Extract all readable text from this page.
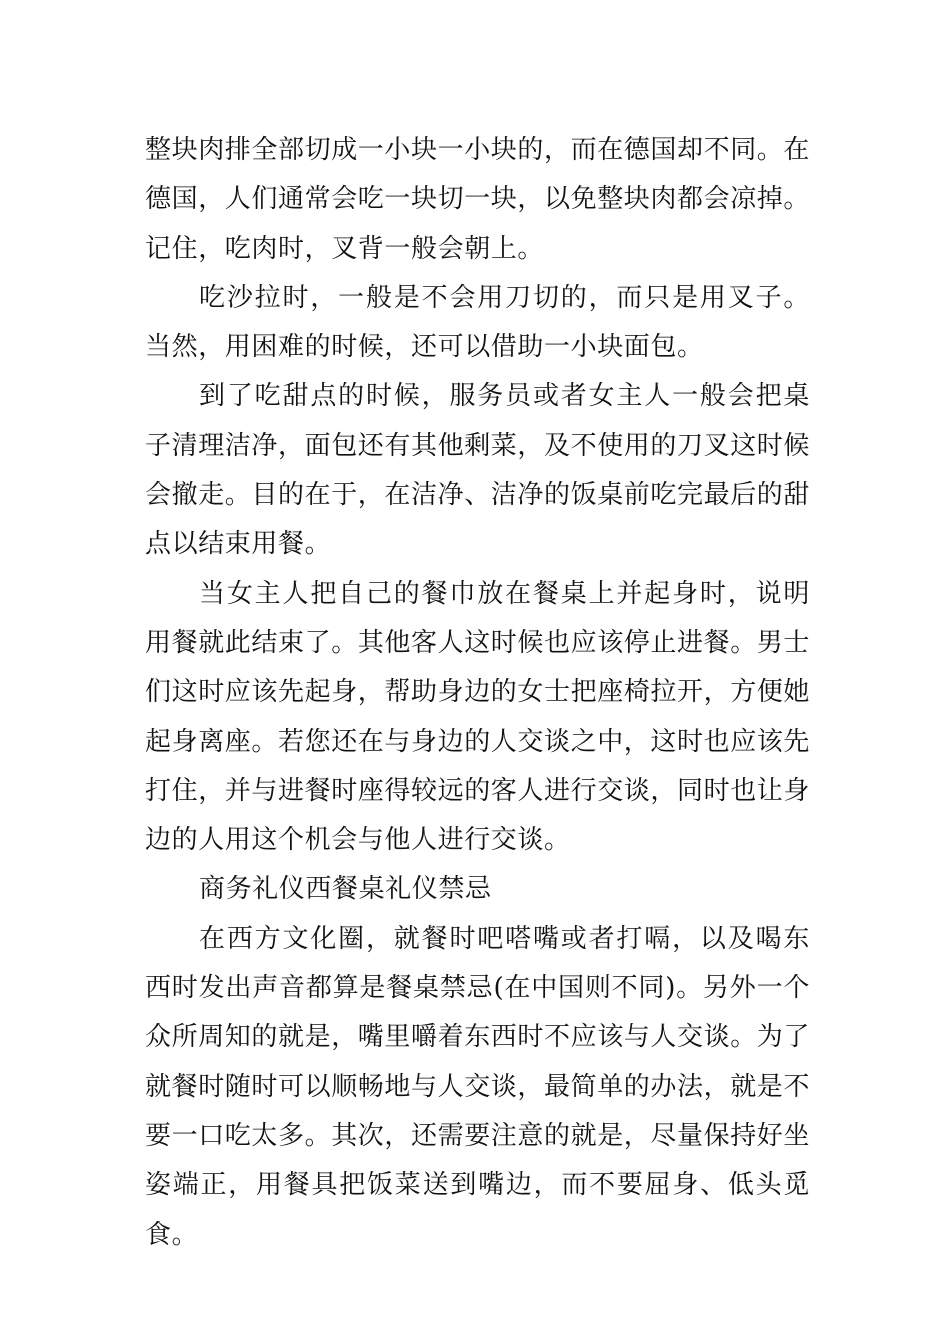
整块肉排全部切成一小块一小块的，而在德国却不同。在德国，人们通常会吃一块切一块，以免整块肉都会凉掉。记住，吃肉时，叉背一般会朝上。

吃沙拉时，一般是不会用刀切的，而只是用叉子。当然，用困难的时候，还可以借助一小块面包。

到了吃甜点的时候，服务员或者女主人一般会把桌子清理洁净，面包还有其他剩菜，及不使用的刀叉这时候会撤走。目的在于，在洁净、洁净的饭桌前吃完最后的甜点以结束用餐。

当女主人把自己的餐巾放在餐桌上并起身时，说明用餐就此结束了。其他客人这时候也应该停止进餐。男士们这时应该先起身，帮助身边的女士把座椅拉开，方便她起身离座。若您还在与身边的人交谈之中，这时也应该先打住，并与进餐时座得较远的客人进行交谈，同时也让身边的人用这个机会与他人进行交谈。

商务礼仪西餐桌礼仪禁忌

在西方文化圈，就餐时吧嗒嘴或者打嗝，以及喝东西时发出声音都算是餐桌禁忌(在中国则不同)。另外一个众所周知的就是，嘴里嚼着东西时不应该与人交谈。为了就餐时随时可以顺畅地与人交谈，最简单的办法，就是不要一口吃太多。其次，还需要注意的就是，尽量保持好坐姿端正，用餐具把饭菜送到嘴边，而不要屈身、低头觅食。
